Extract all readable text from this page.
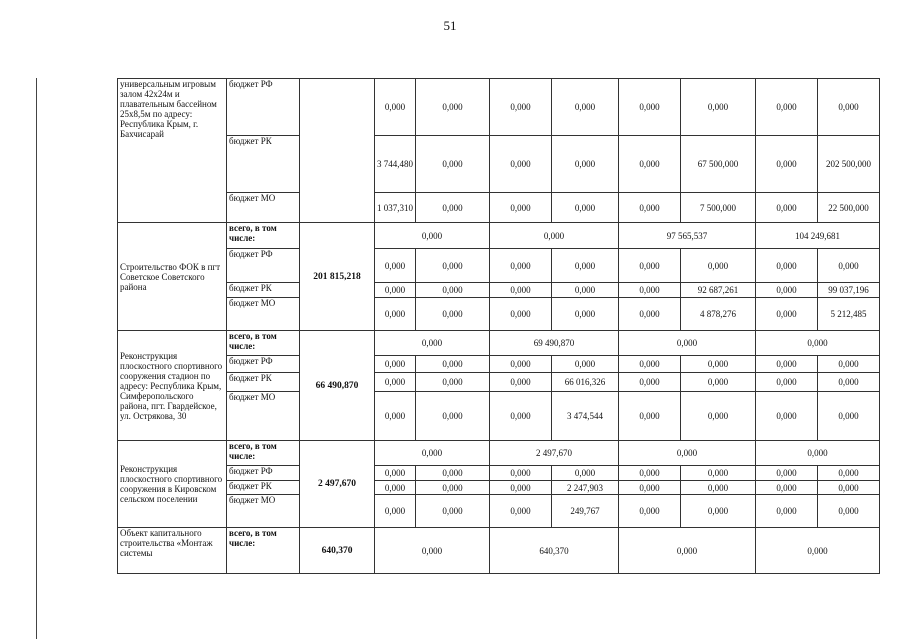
51
универсальным игровым залом 42х24м и плавательным бассейном 25х8,5м по адресу: Республика Крым, г. Бахчисарай	бюджет РФ		0,000	0,000	0,000	0,000	0,000	0,000	0,000	0,000
	бюджет РК		3 744,480	0,000	0,000	0,000	0,000	67 500,000	0,000	202 500,000
	бюджет МО		1 037,310	0,000	0,000	0,000	0,000	7 500,000	0,000	22 500,000
Строительство ФОК в пгт Советское Советского района	всего, в том числе:	201 815,218	0,000		0,000		97 565,537		104 249,681	
	бюджет РФ		0,000	0,000	0,000	0,000	0,000	0,000	0,000	0,000
	бюджет РК		0,000	0,000	0,000	0,000	0,000	92 687,261	0,000	99 037,196
	бюджет МО		0,000	0,000	0,000	0,000	0,000	4 878,276	0,000	5 212,485
Реконструкция плоскостного спортивного сооружения стадион по адресу: Республика Крым, Симферопольского района, пгт. Гвардейское, ул. Острякова, 30	всего, в том числе:	66 490,870	0,000		69 490,870		0,000		0,000	
	бюджет РФ		0,000	0,000	0,000	0,000	0,000	0,000	0,000	0,000
	бюджет РК		0,000	0,000	0,000	66 016,326	0,000	0,000	0,000	0,000
	бюджет МО		0,000	0,000	0,000	3 474,544	0,000	0,000	0,000	0,000
Реконструкция плоскостного спортивного сооружения в Кировском сельском поселении	всего, в том числе:	2 497,670	0,000		2 497,670		0,000		0,000	
	бюджет РФ		0,000	0,000	0,000	0,000	0,000	0,000	0,000	0,000
	бюджет РК		0,000	0,000	0,000	2 247,903	0,000	0,000	0,000	0,000
	бюджет МО		0,000	0,000	0,000	249,767	0,000	0,000	0,000	0,000
Объект капитального строительства «Монтаж системы	всего, в том числе:	640,370	0,000		640,370		0,000		0,000	
